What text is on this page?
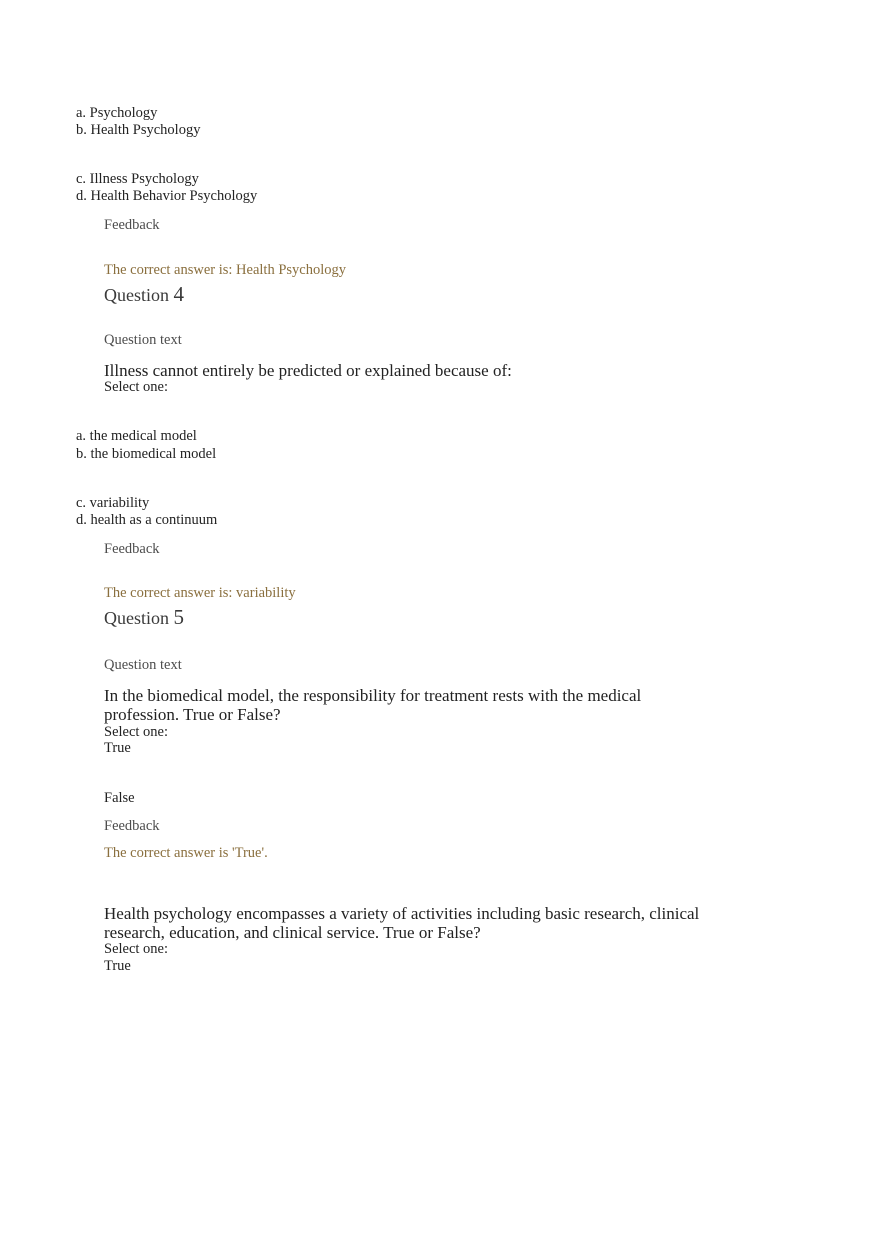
a. Psychology
b. Health Psychology
c. Illness Psychology
d. Health Behavior Psychology
Feedback
The correct answer is: Health Psychology
Question 4
Question text
Illness cannot entirely be predicted or explained because of:
Select one:
a. the medical model
b. the biomedical model
c. variability
d. health as a continuum
Feedback
The correct answer is: variability
Question 5
Question text
In the biomedical model, the responsibility for treatment rests with the medical
profession. True or False?
Select one:
True
False
Feedback
The correct answer is 'True'.
Health psychology encompasses a variety of activities including basic research, clinical
research, education, and clinical service. True or False?
Select one:
True
